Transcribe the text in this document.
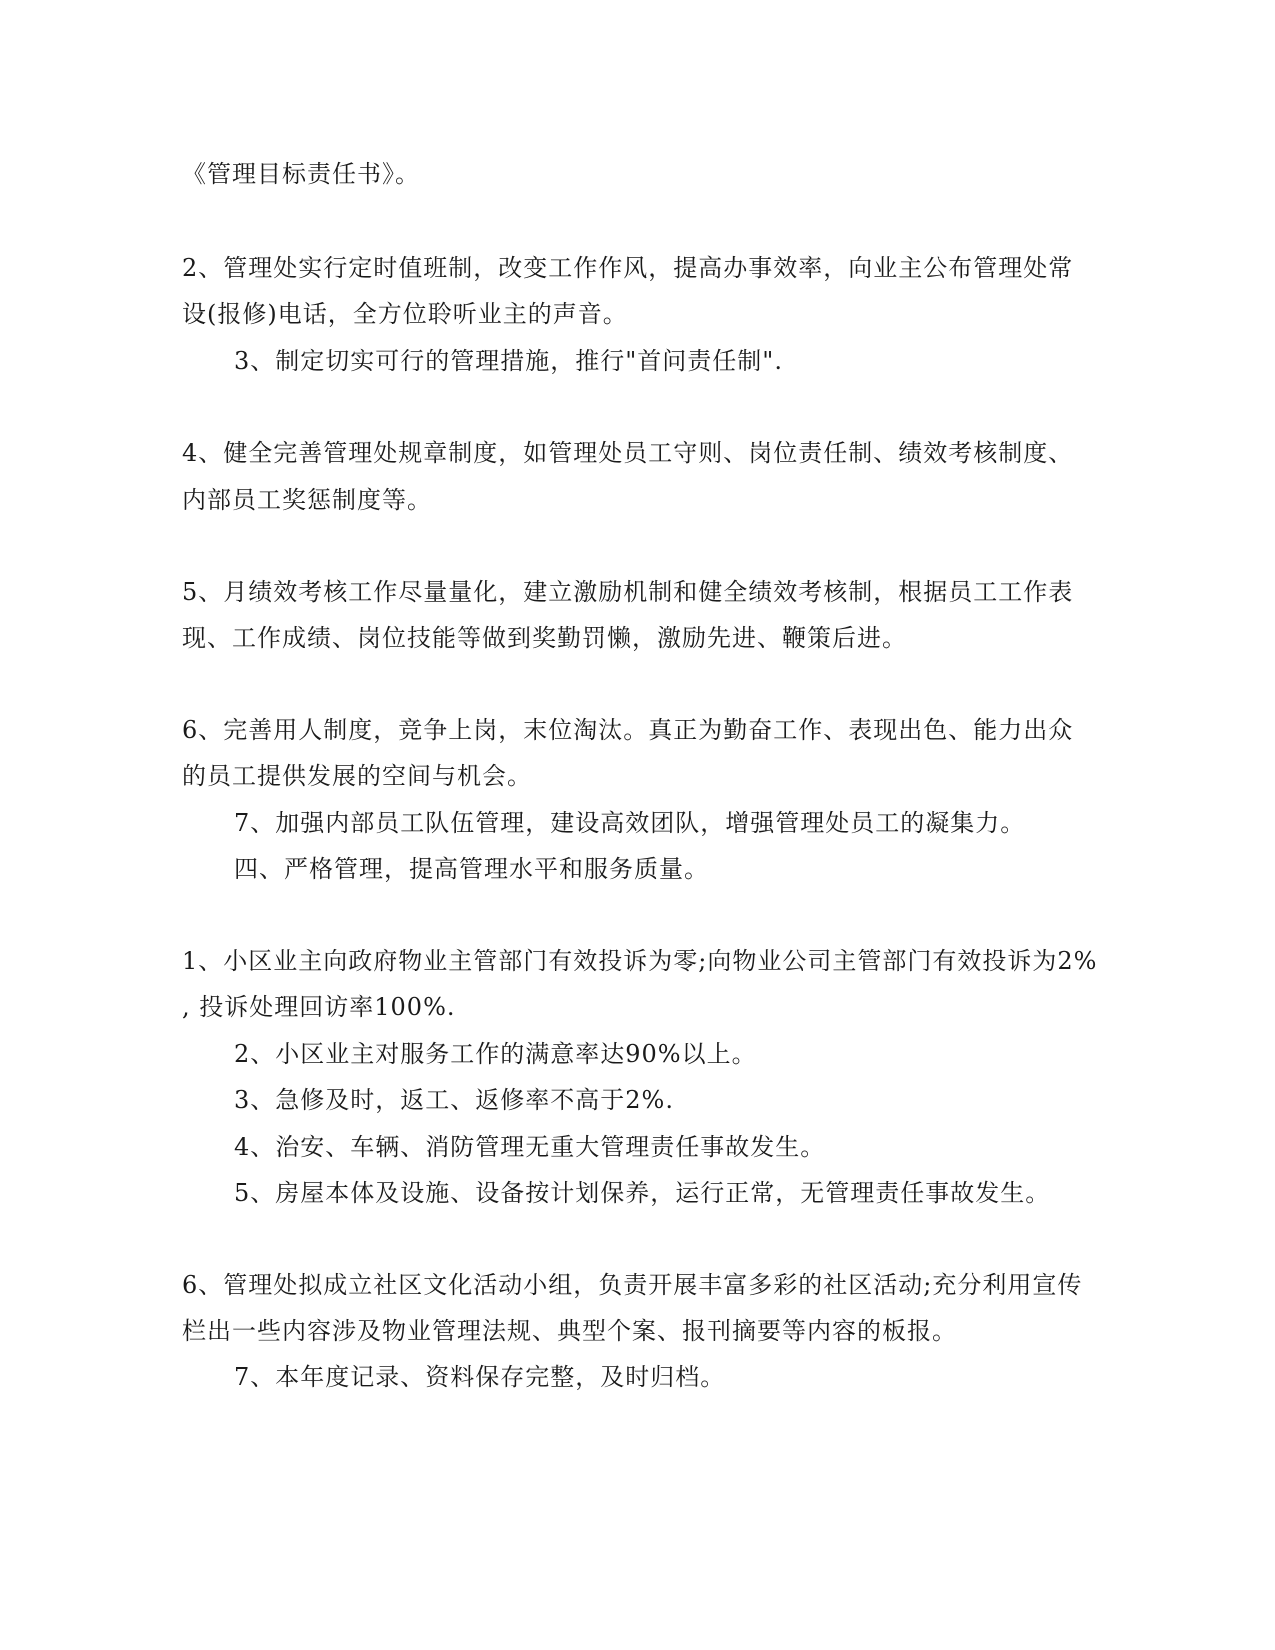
《管理目标责任书》。
2、管理处实行定时值班制，改变工作作风，提高办事效率，向业主公布管理处常
设(报修)电话，全方位聆听业主的声音。
3、制定切实可行的管理措施，推行"首问责任制".
4、健全完善管理处规章制度，如管理处员工守则、岗位责任制、绩效考核制度、
内部员工奖惩制度等。
5、月绩效考核工作尽量量化，建立激励机制和健全绩效考核制，根据员工工作表
现、工作成绩、岗位技能等做到奖勤罚懒，激励先进、鞭策后进。
6、完善用人制度，竞争上岗，末位淘汰。真正为勤奋工作、表现出色、能力出众
的员工提供发展的空间与机会。
7、加强内部员工队伍管理，建设高效团队，增强管理处员工的凝集力。
四、严格管理，提高管理水平和服务质量。
1、小区业主向政府物业主管部门有效投诉为零;向物业公司主管部门有效投诉为2%
, 投诉处理回访率100%.
2、小区业主对服务工作的满意率达90%以上。
3、急修及时，返工、返修率不高于2%.
4、治安、车辆、消防管理无重大管理责任事故发生。
5、房屋本体及设施、设备按计划保养，运行正常，无管理责任事故发生。
6、管理处拟成立社区文化活动小组，负责开展丰富多彩的社区活动;充分利用宣传
栏出一些内容涉及物业管理法规、典型个案、报刊摘要等内容的板报。
7、本年度记录、资料保存完整，及时归档。
